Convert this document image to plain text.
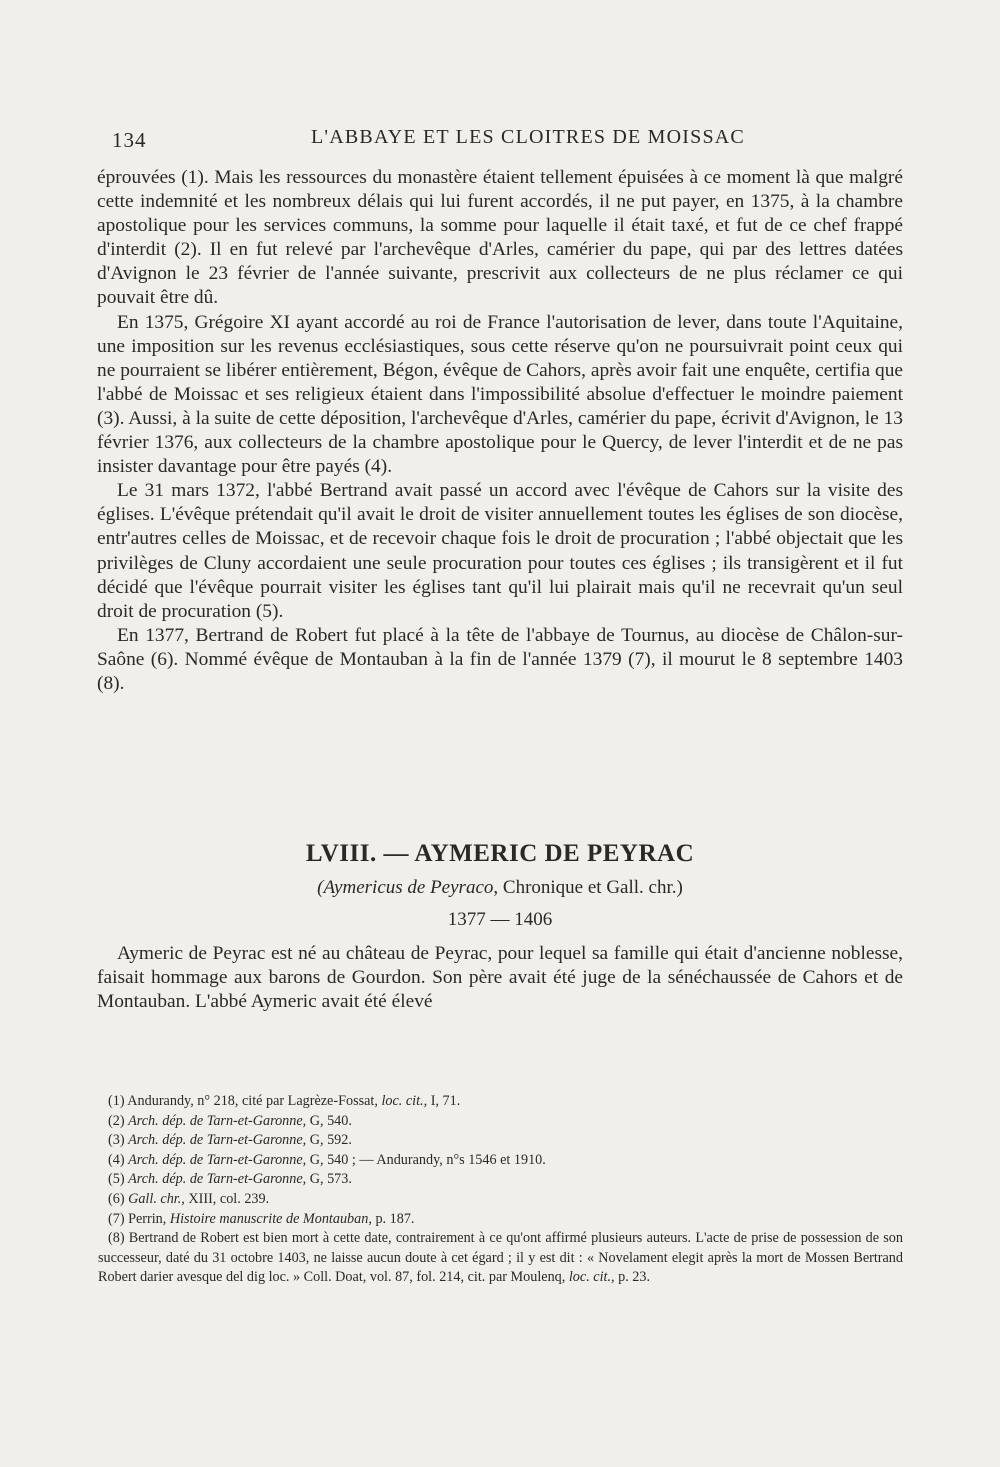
134	L'ABBAYE ET LES CLOITRES DE MOISSAC

éprouvées (1). Mais les ressources du monastère étaient tellement épuisées à ce moment là que malgré cette indemnité et les nombreux délais qui lui furent accordés, il ne put payer, en 1375, à la chambre apostolique pour les services communs, la somme pour laquelle il était taxé, et fut de ce chef frappé d'interdit (2). Il en fut relevé par l'archevêque d'Arles, camérier du pape, qui par des lettres datées d'Avignon le 23 février de l'année suivante, prescrivit aux collecteurs de ne plus réclamer ce qui pouvait être dû.

En 1375, Grégoire XI ayant accordé au roi de France l'autorisation de lever, dans toute l'Aquitaine, une imposition sur les revenus ecclésiastiques, sous cette réserve qu'on ne poursuivrait point ceux qui ne pourraient se libérer entièrement, Bégon, évêque de Cahors, après avoir fait une enquête, certifia que l'abbé de Moissac et ses religieux étaient dans l'impossibilité absolue d'effectuer le moindre paiement (3). Aussi, à la suite de cette déposition, l'archevêque d'Arles, camérier du pape, écrivit d'Avignon, le 13 février 1376, aux collecteurs de la chambre apostolique pour le Quercy, de lever l'interdit et de ne pas insister davantage pour être payés (4).

Le 31 mars 1372, l'abbé Bertrand avait passé un accord avec l'évêque de Cahors sur la visite des églises. L'évêque prétendait qu'il avait le droit de visiter annuellement toutes les églises de son diocèse, entr'autres celles de Moissac, et de recevoir chaque fois le droit de procuration ; l'abbé objectait que les privilèges de Cluny accordaient une seule procuration pour toutes ces églises ; ils transigèrent et il fut décidé que l'évêque pourrait visiter les églises tant qu'il lui plairait mais qu'il ne recevrait qu'un seul droit de procuration (5).

En 1377, Bertrand de Robert fut placé à la tête de l'abbaye de Tournus, au diocèse de Châlon-sur-Saône (6). Nommé évêque de Montauban à la fin de l'année 1379 (7), il mourut le 8 septembre 1403 (8).

LVIII. — AYMERIC DE PEYRAC
(Aymericus de Peyraco, Chronique et Gall. chr.)
1377 — 1406

Aymeric de Peyrac est né au château de Peyrac, pour lequel sa famille qui était d'ancienne noblesse, faisait hommage aux barons de Gourdon. Son père avait été juge de la sénéchaussée de Cahors et de Montauban. L'abbé Aymeric avait été élevé

(1) Andurandy, n° 218, cité par Lagrèze-Fossat, loc. cit., I, 71.

(2) Arch. dép. de Tarn-et-Garonne, G, 540.

(3) Arch. dép. de Tarn-et-Garonne, G, 592.

(4) Arch. dép. de Tarn-et-Garonne, G, 540 ; — Andurandy, n°s 1546 et 1910.

(5) Arch. dép. de Tarn-et-Garonne, G, 573.

(6) Gall. chr., XIII, col. 239.

(7) Perrin, Histoire manuscrite de Montauban, p. 187.

(8) Bertrand de Robert est bien mort à cette date, contrairement à ce qu'ont affirmé plusieurs auteurs. L'acte de prise de possession de son successeur, daté du 31 octobre 1403, ne laisse aucun doute à cet égard ; il y est dit : « Novelament elegit après la mort de Mossen Bertrand Robert darier avesque del dig loc. » Coll. Doat, vol. 87, fol. 214, cit. par Moulenq, loc. cit., p. 23.
